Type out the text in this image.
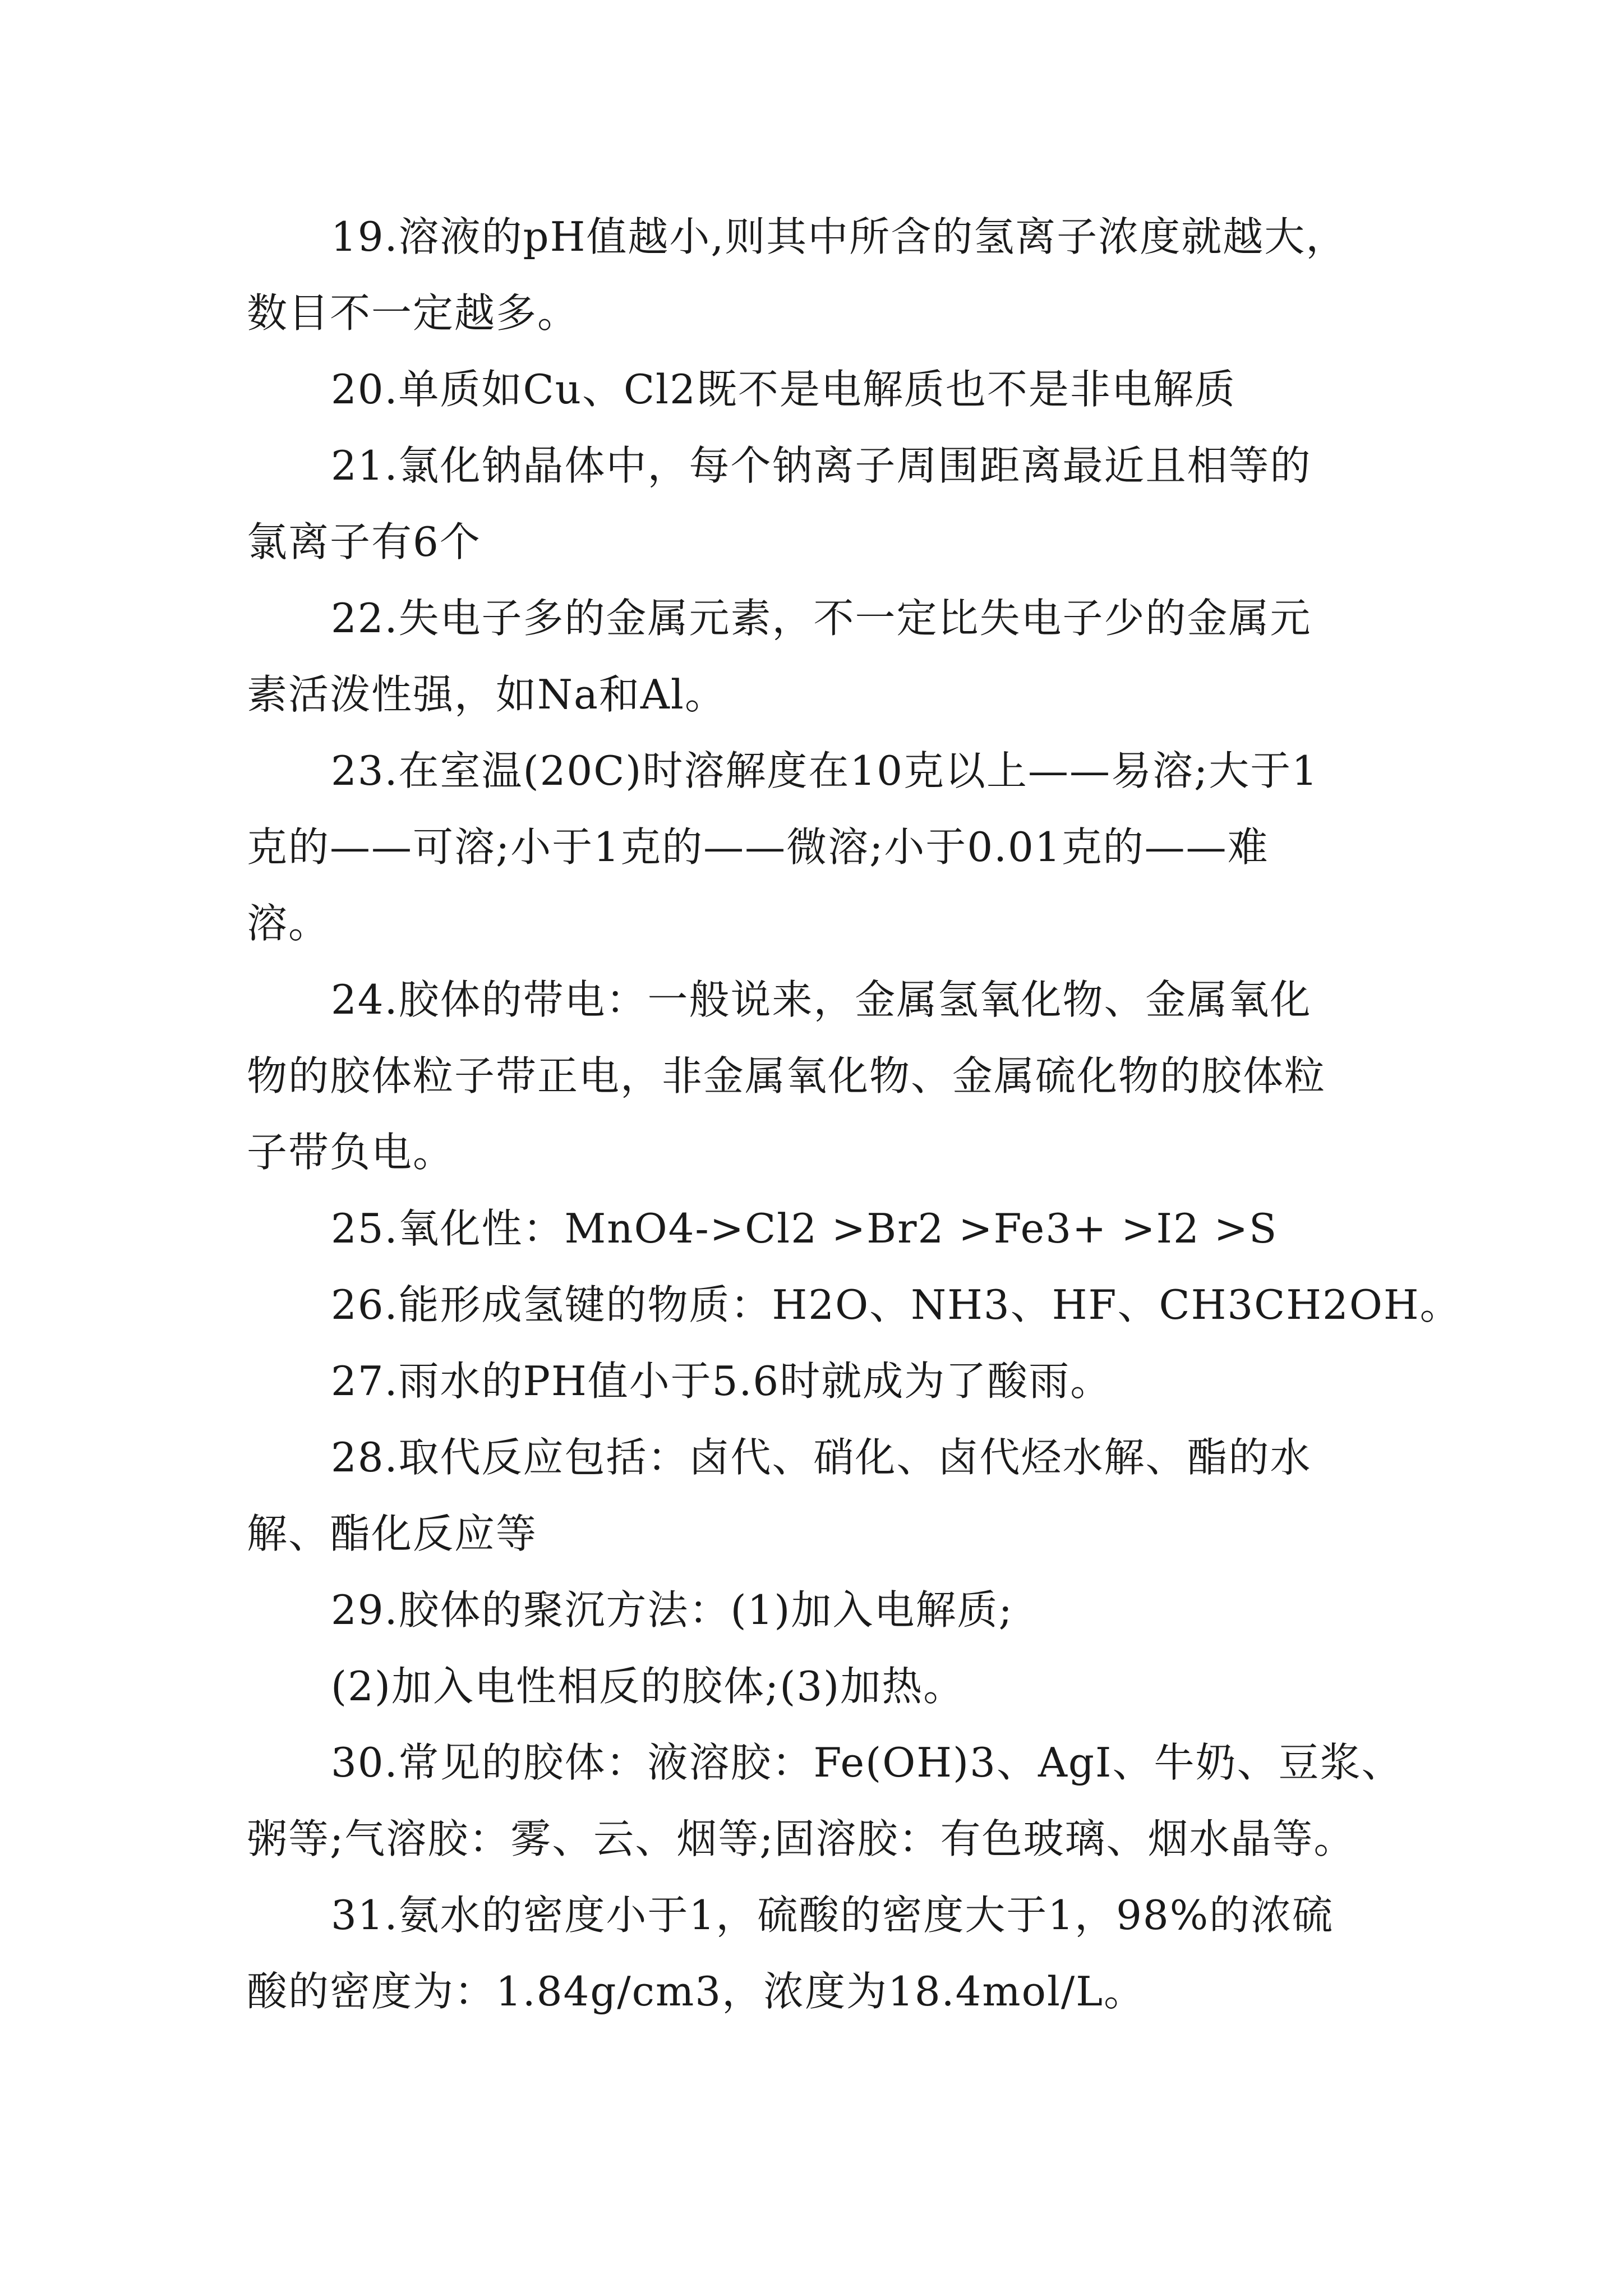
19.溶液的pH值越小,则其中所含的氢离子浓度就越大，
数目不一定越多。
20.单质如Cu、Cl2既不是电解质也不是非电解质
21.氯化钠晶体中，每个钠离子周围距离最近且相等的
氯离子有6个
22.失电子多的金属元素，不一定比失电子少的金属元
素活泼性强，如Na和Al。
23.在室温(20C)时溶解度在10克以上——易溶;大于1
克的——可溶;小于1克的——微溶;小于0.01克的——难
溶。
24.胶体的带电：一般说来，金属氢氧化物、金属氧化
物的胶体粒子带正电，非金属氧化物、金属硫化物的胶体粒
子带负电。
25.氧化性：MnO4->Cl2 >Br2 >Fe3+ >I2 >S
26.能形成氢键的物质：H2O、NH3、HF、CH3CH2OH。
27.雨水的PH值小于5.6时就成为了酸雨。
28.取代反应包括：卤代、硝化、卤代烃水解、酯的水
解、酯化反应等
29.胶体的聚沉方法：(1)加入电解质;
(2)加入电性相反的胶体;(3)加热。
30.常见的胶体：液溶胶：Fe(OH)3、AgI、牛奶、豆浆、
粥等;气溶胶：雾、云、烟等;固溶胶：有色玻璃、烟水晶等。
31.氨水的密度小于1，硫酸的密度大于1，98%的浓硫
酸的密度为：1.84g/cm3，浓度为18.4mol/L。
